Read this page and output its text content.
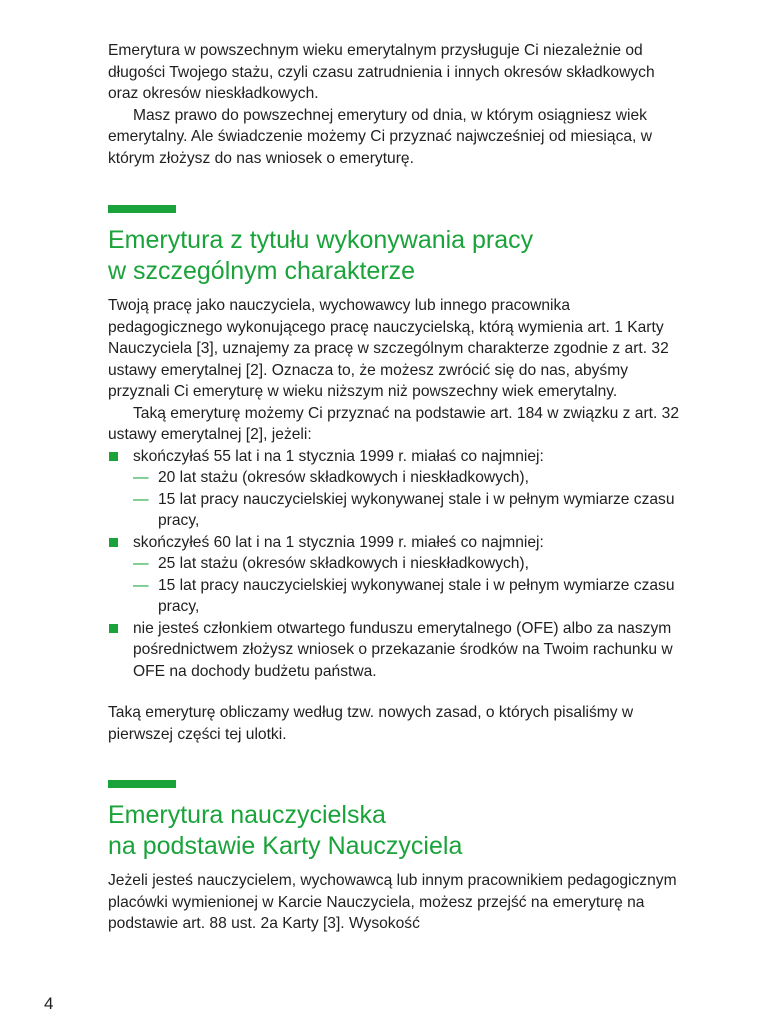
Emerytura w powszechnym wieku emerytalnym przysługuje Ci niezależnie od długości Twojego stażu, czyli czasu zatrudnienia i innych okresów składkowych oraz okresów nieskładkowych.

Masz prawo do powszechnej emerytury od dnia, w którym osiągniesz wiek emerytalny. Ale świadczenie możemy Ci przyznać najwcześniej od miesiąca, w którym złożysz do nas wniosek o emeryturę.

Emerytura z tytułu wykonywania pracy
w szczególnym charakterze

Twoją pracę jako nauczyciela, wychowawcy lub innego pracownika pedagogicznego wykonującego pracę nauczycielską, którą wymienia art. 1 Karty Nauczyciela [3], uznajemy za pracę w szczególnym charakterze zgodnie z art. 32 ustawy emerytalnej [2]. Oznacza to, że możesz zwrócić się do nas, abyśmy przyznali Ci emeryturę w wieku niższym niż powszechny wiek emerytalny.

Taką emeryturę możemy Ci przyznać na podstawie art. 184 w związku z art. 32 ustawy emerytalnej [2], jeżeli:

skończyłaś 55 lat i na 1 stycznia 1999 r. miałaś co najmniej:
— 20 lat stażu (okresów składkowych i nieskładkowych),
— 15 lat pracy nauczycielskiej wykonywanej stale i w pełnym wymiarze czasu pracy,
skończyłeś 60 lat i na 1 stycznia 1999 r. miałeś co najmniej:
— 25 lat stażu (okresów składkowych i nieskładkowych),
— 15 lat pracy nauczycielskiej wykonywanej stale i w pełnym wymiarze czasu pracy,
nie jesteś członkiem otwartego funduszu emerytalnego (OFE) albo za naszym pośrednictwem złożysz wniosek o przekazanie środków na Twoim rachunku w OFE na dochody budżetu państwa.

Taką emeryturę obliczamy według tzw. nowych zasad, o których pisaliśmy w pierwszej części tej ulotki.

Emerytura nauczycielska
na podstawie Karty Nauczyciela

Jeżeli jesteś nauczycielem, wychowawcą lub innym pracownikiem pedagogicznym placówki wymienionej w Karcie Nauczyciela, możesz przejść na emeryturę na podstawie art. 88 ust. 2a Karty [3]. Wysokość

4
